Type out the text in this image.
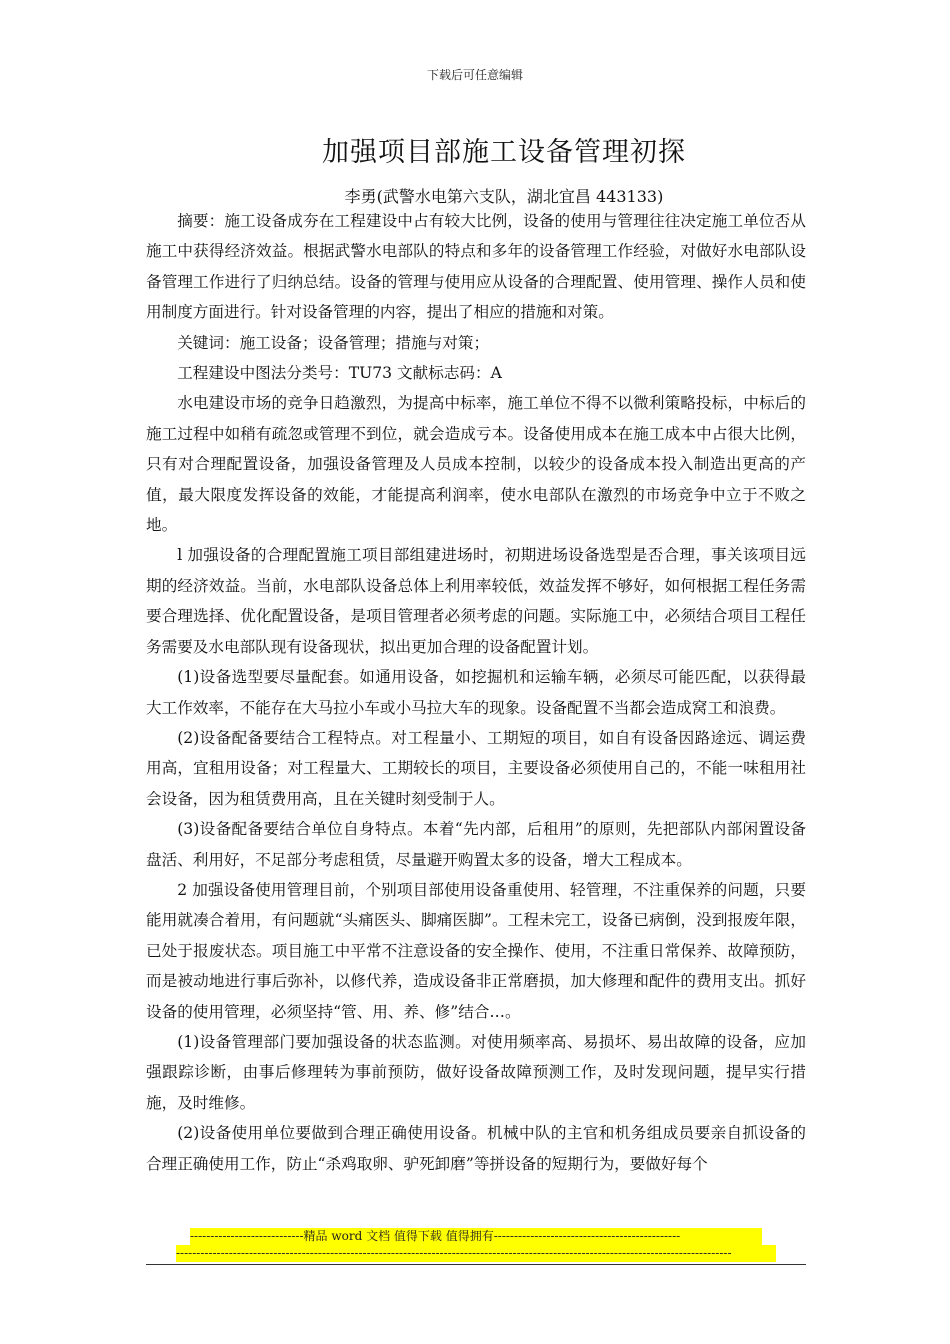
下载后可任意编辑
加强项目部施工设备管理初探
李勇(武警水电第六支队，湖北宜昌 443133)

摘要：施工设备成夯在工程建设中占有较大比例，设备的使用与管理往往决定施工单位否从施工中获得经济效益。根据武警水电部队的特点和多年的设备管理工作经验，对做好水电部队设备管理工作进行了归纳总结。设备的管理与使用应从设备的合理配置、使用管理、操作人员和使用制度方面进行。针对设备管理的内容，提出了相应的措施和对策。

关键词：施工设备；设备管理；措施与对策；

工程建设中图法分类号：TU73 文献标志码：A

水电建设市场的竞争日趋激烈，为提高中标率，施工单位不得不以微利策略投标，中标后的施工过程中如稍有疏忽或管理不到位，就会造成亏本。设备使用成本在施工成本中占很大比例，只有对合理配置设备，加强设备管理及人员成本控制，以较少的设备成本投入制造出更高的产值，最大限度发挥设备的效能，才能提高利润率，使水电部队在激烈的市场竞争中立于不败之地。

l 加强设备的合理配置施工项目部组建进场时，初期进场设备选型是否合理，事关该项目远期的经济效益。当前，水电部队设备总体上利用率较低，效益发挥不够好，如何根据工程任务需要合理选择、优化配置设备，是项目管理者必须考虑的问题。实际施工中，必须结合项目工程任务需要及水电部队现有设备现状，拟出更加合理的设备配置计划。

(1)设备选型要尽量配套。如通用设备，如挖掘机和运输车辆，必须尽可能匹配，以获得最大工作效率，不能存在大马拉小车或小马拉大车的现象。设备配置不当都会造成窝工和浪费。

(2)设备配备要结合工程特点。对工程量小、工期短的项目，如自有设备因路途远、调运费用高，宜租用设备；对工程量大、工期较长的项目，主要设备必须使用自己的，不能一味租用社会设备，因为租赁费用高，且在关键时刻受制于人。

(3)设备配备要结合单位自身特点。本着“先内部，后租用”的原则，先把部队内部闲置设备盘活、利用好，不足部分考虑租赁，尽量避开购置太多的设备，增大工程成本。

2 加强设备使用管理目前，个别项目部使用设备重使用、轻管理，不注重保养的问题，只要能用就凑合着用，有问题就“头痛医头、脚痛医脚”。工程未完工，设备已病倒，没到报废年限，已处于报废状态。项目施工中平常不注意设备的安全操作、使用，不注重日常保养、故障预防，而是被动地进行事后弥补，以修代养，造成设备非正常磨损，加大修理和配件的费用支出。抓好设备的使用管理，必须坚持“管、用、养、修”结合…。

(1)设备管理部门要加强设备的状态监测。对使用频率高、易损坏、易出故障的设备，应加强跟踪诊断，由事后修理转为事前预防，做好设备故障预测工作，及时发现问题，提早实行措施，及时维修。

(2)设备使用单位要做到合理正确使用设备。机械中队的主官和机务组成员要亲自抓设备的合理正确使用工作，防止“杀鸡取卵、驴死卸磨”等拼设备的短期行为，要做好每个

----------------------------精品 word 文档 值得下载 值得拥有----------------------------------------------
-----------------------------------------------------------------------------------------------------------------------------------------
